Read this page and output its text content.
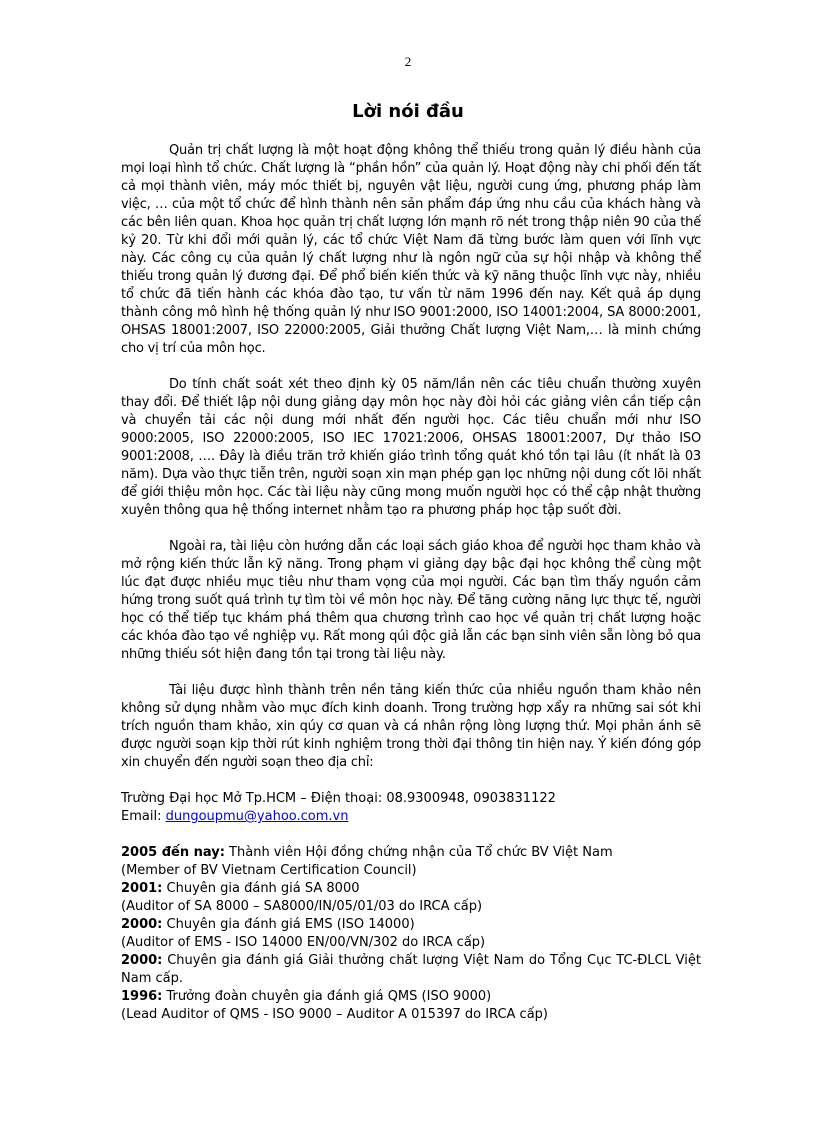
2
Lời nói đầu

Quản trị chất lượng là một hoạt động không thể thiếu trong quản lý điều hành của mọi loại hình tổ chức. Chất lượng là “phần hồn” của quản lý. Hoạt động này chi phối đến tất cả mọi thành viên, máy móc thiết bị, nguyên vật liệu, người cung ứng, phương pháp làm việc, … của một tổ chức để hình thành nên sản phẩm đáp ứng nhu cầu của khách hàng và các bên liên quan. Khoa học quản trị chất lượng lớn mạnh rõ nét trong thập niên 90 của thế kỷ 20. Từ khi đổi mới quản lý, các tổ chức Việt Nam đã từng bước làm quen với lĩnh vực này. Các công cụ của quản lý chất lượng như là ngôn ngữ của sự hội nhập và không thể thiếu trong quản lý đương đại. Để phổ biến kiến thức và kỹ năng thuộc lĩnh vực này, nhiều tổ chức đã tiến hành các khóa đào tạo, tư vấn từ năm 1996 đến nay. Kết quả áp dụng thành công mô hình hệ thống quản lý như ISO 9001:2000, ISO 14001:2004, SA 8000:2001, OHSAS 18001:2007, ISO 22000:2005, Giải thưởng Chất lượng Việt Nam,… là minh chứng cho vị trí của môn học.

Do tính chất soát xét theo định kỳ 05 năm/lần nên các tiêu chuẩn thường xuyên thay đổi. Để thiết lập nội dung giảng dạy môn học này đòi hỏi các giảng viên cần tiếp cận và chuyển tải các nội dung mới nhất đến người học. Các tiêu chuẩn mới như ISO 9000:2005, ISO 22000:2005, ISO IEC 17021:2006, OHSAS 18001:2007, Dự thảo ISO 9001:2008, …. Đây là điều trăn trở khiến giáo trình tổng quát khó tồn tại lâu (ít nhất là 03 năm). Dựa vào thực tiễn trên, người soạn xin mạn phép gạn lọc những nội dung cốt lõi nhất để giới thiệu môn học. Các tài liệu này cũng mong muốn người học có thể cập nhật thường xuyên thông qua hệ thống internet nhằm tạo ra phương pháp học tập suốt đời.

Ngoài ra, tài liệu còn hướng dẫn các loại sách giáo khoa để người học tham khảo và mở rộng kiến thức lẫn kỹ năng. Trong phạm vi giảng dạy bậc đại học không thể cùng một lúc đạt được nhiều mục tiêu như tham vọng của mọi người. Các bạn tìm thấy nguồn cảm hứng trong suốt quá trình tự tìm tòi về môn học này. Để tăng cường năng lực thực tế, người học có thể tiếp tục khám phá thêm qua chương trình cao học về quản trị chất lượng hoặc các khóa đào tạo về nghiệp vụ. Rất mong qúi độc giả lẫn các bạn sinh viên sẵn lòng bỏ qua những thiếu sót hiện đang tồn tại trong tài liệu này.

Tài liệu được hình thành trên nền tảng kiến thức của nhiều nguồn tham khảo nên không sử dụng nhằm vào mục đích kinh doanh. Trong trường hợp xẩy ra những sai sót khi trích nguồn tham khảo, xin qúy cơ quan và cá nhân rộng lòng lượng thứ. Mọi phản ánh sẽ được người soạn kịp thời rút kinh nghiệm trong thời đại thông tin hiện nay. Ý kiến đóng góp xin chuyển đến người soạn theo địa chỉ:

Trường Đại học Mở Tp.HCM – Điện thoại: 08.9300948, 0903831122
Email: dungoupmu@yahoo.com.vn
2005 đến nay: Thành viên Hội đồng chứng nhận của Tổ chức BV Việt Nam
(Member of BV Vietnam Certification Council)
2001: Chuyên gia đánh giá SA 8000
(Auditor of SA 8000 – SA8000/IN/05/01/03 do IRCA cấp)
2000: Chuyên gia đánh giá EMS (ISO 14000)
(Auditor of EMS - ISO 14000 EN/00/VN/302 do IRCA cấp)
2000: Chuyên gia đánh giá Giải thưởng chất lượng Việt Nam do Tổng Cục TC-ĐLCL Việt Nam cấp.
1996: Trưởng đoàn chuyên gia đánh giá QMS (ISO 9000)
(Lead Auditor of QMS - ISO 9000 – Auditor A 015397 do IRCA cấp)
